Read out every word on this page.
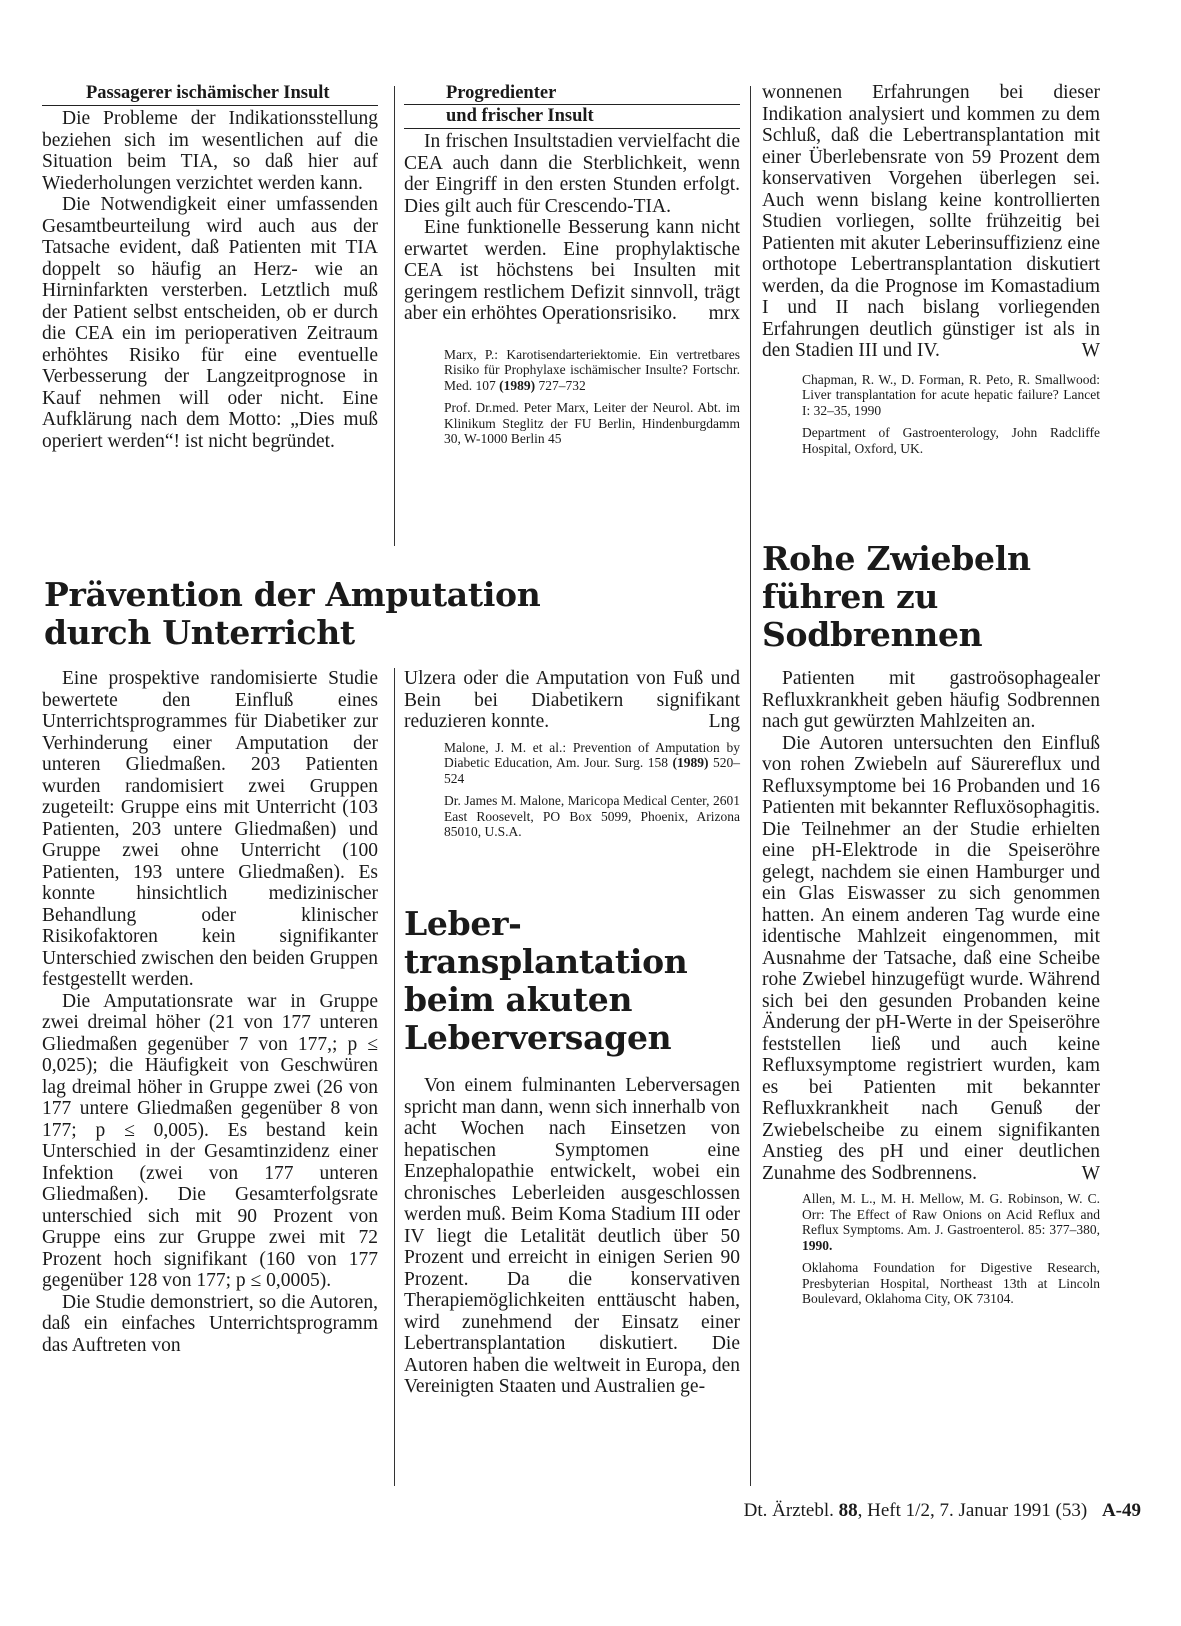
Passagerer ischämischer Insult

Die Probleme der Indikationsstellung beziehen sich im wesentlichen auf die Situation beim TIA, so daß hier auf Wiederholungen verzichtet werden kann.

Die Notwendigkeit einer umfassenden Gesamtbeurteilung wird auch aus der Tatsache evident, daß Patienten mit TIA doppelt so häufig an Herz- wie an Hirninfarkten versterben. Letztlich muß der Patient selbst entscheiden, ob er durch die CEA ein im perioperativen Zeitraum erhöhtes Risiko für eine eventuelle Verbesserung der Langzeitprognose in Kauf nehmen will oder nicht. Eine Aufklärung nach dem Motto: „Dies muß operiert werden“! ist nicht begründet.

Progredienter
und frischer Insult

In frischen Insultstadien vervielfacht die CEA auch dann die Sterblichkeit, wenn der Eingriff in den ersten Stunden erfolgt. Dies gilt auch für Crescendo-TIA.

Eine funktionelle Besserung kann nicht erwartet werden. Eine prophylaktische CEA ist höchstens bei Insulten mit geringem restlichem Defizit sinnvoll, trägt aber ein erhöhtes Operationsrisiko. mrx

Marx, P.: Karotisendarteriektomie. Ein vertretbares Risiko für Prophylaxe ischämischer Insulte? Fortschr. Med. 107 (1989) 727–732

Prof. Dr.med. Peter Marx, Leiter der Neurol. Abt. im Klinikum Steglitz der FU Berlin, Hindenburgdamm 30, W-1000 Berlin 45

wonnenen Erfahrungen bei dieser Indikation analysiert und kommen zu dem Schluß, daß die Lebertransplantation mit einer Überlebensrate von 59 Prozent dem konservativen Vorgehen überlegen sei. Auch wenn bislang keine kontrollierten Studien vorliegen, sollte frühzeitig bei Patienten mit akuter Leberinsuffizienz eine orthotope Lebertransplantation diskutiert werden, da die Prognose im Komastadium I und II nach bislang vorliegenden Erfahrungen deutlich günstiger ist als in den Stadien III und IV.	W

Chapman, R. W., D. Forman, R. Peto, R. Smallwood: Liver transplantation for acute hepatic failure? Lancet I: 32–35, 1990

Department of Gastroenterology, John Radcliffe Hospital, Oxford, UK.

Prävention der Amputation
durch Unterricht

Eine prospektive randomisierte Studie bewertete den Einfluß eines Unterrichtsprogrammes für Diabetiker zur Verhinderung einer Amputation der unteren Gliedmaßen. 203 Patienten wurden randomisiert zwei Gruppen zugeteilt: Gruppe eins mit Unterricht (103 Patienten, 203 untere Gliedmaßen) und Gruppe zwei ohne Unterricht (100 Patienten, 193 untere Gliedmaßen). Es konnte hinsichtlich medizinischer Behandlung oder klinischer Risikofaktoren kein signifikanter Unterschied zwischen den beiden Gruppen festgestellt werden.

Die Amputationsrate war in Gruppe zwei dreimal höher (21 von 177 unteren Gliedmaßen gegenüber 7 von 177,; p ≤ 0,025); die Häufigkeit von Geschwüren lag dreimal höher in Gruppe zwei (26 von 177 untere Gliedmaßen gegenüber 8 von 177; p ≤ 0,005). Es bestand kein Unterschied in der Gesamtinzidenz einer Infektion (zwei von 177 unteren Gliedmaßen). Die Gesamterfolgsrate unterschied sich mit 90 Prozent von Gruppe eins zur Gruppe zwei mit 72 Prozent hoch signifikant (160 von 177 gegenüber 128 von 177; p ≤ 0,0005).

Die Studie demonstriert, so die Autoren, daß ein einfaches Unterrichtsprogramm das Auftreten von

Ulzera oder die Amputation von Fuß und Bein bei Diabetikern signifikant reduzieren konnte.	Lng

Malone, J. M. et al.: Prevention of Amputation by Diabetic Education, Am. Jour. Surg. 158 (1989) 520–524

Dr. James M. Malone, Maricopa Medical Center, 2601 East Roosevelt, PO Box 5099, Phoenix, Arizona 85010, U.S.A.

Leber-
transplantation
beim akuten
Leberversagen

Von einem fulminanten Leberversagen spricht man dann, wenn sich innerhalb von acht Wochen nach Einsetzen von hepatischen Symptomen eine Enzephalopathie entwickelt, wobei ein chronisches Leberleiden ausgeschlossen werden muß. Beim Koma Stadium III oder IV liegt die Letalität deutlich über 50 Prozent und erreicht in einigen Serien 90 Prozent. Da die konservativen Therapiemöglichkeiten enttäuscht haben, wird zunehmend der Einsatz einer Lebertransplantation diskutiert. Die Autoren haben die weltweit in Europa, den Vereinigten Staaten und Australien ge-

Rohe Zwiebeln
führen zu
Sodbrennen

Patienten mit gastroösophagealer Refluxkrankheit geben häufig Sodbrennen nach gut gewürzten Mahlzeiten an.

Die Autoren untersuchten den Einfluß von rohen Zwiebeln auf Säurereflux und Refluxsymptome bei 16 Probanden und 16 Patienten mit bekannter Refluxösophagitis. Die Teilnehmer an der Studie erhielten eine pH-Elektrode in die Speiseröhre gelegt, nachdem sie einen Hamburger und ein Glas Eiswasser zu sich genommen hatten. An einem anderen Tag wurde eine identische Mahlzeit eingenommen, mit Ausnahme der Tatsache, daß eine Scheibe rohe Zwiebel hinzugefügt wurde. Während sich bei den gesunden Probanden keine Änderung der pH-Werte in der Speiseröhre feststellen ließ und auch keine Refluxsymptome registriert wurden, kam es bei Patienten mit bekannter Refluxkrankheit nach Genuß der Zwiebelscheibe zu einem signifikanten Anstieg des pH und einer deutlichen Zunahme des Sodbrennens.	W

Allen, M. L., M. H. Mellow, M. G. Robinson, W. C. Orr: The Effect of Raw Onions on Acid Reflux and Reflux Symptoms. Am. J. Gastroenterol. 85: 377–380, 1990.

Oklahoma Foundation for Digestive Research, Presbyterian Hospital, Northeast 13th at Lincoln Boulevard, Oklahoma City, OK 73104.

Dt. Ärztebl. 88, Heft 1/2, 7. Januar 1991 (53) A-49
